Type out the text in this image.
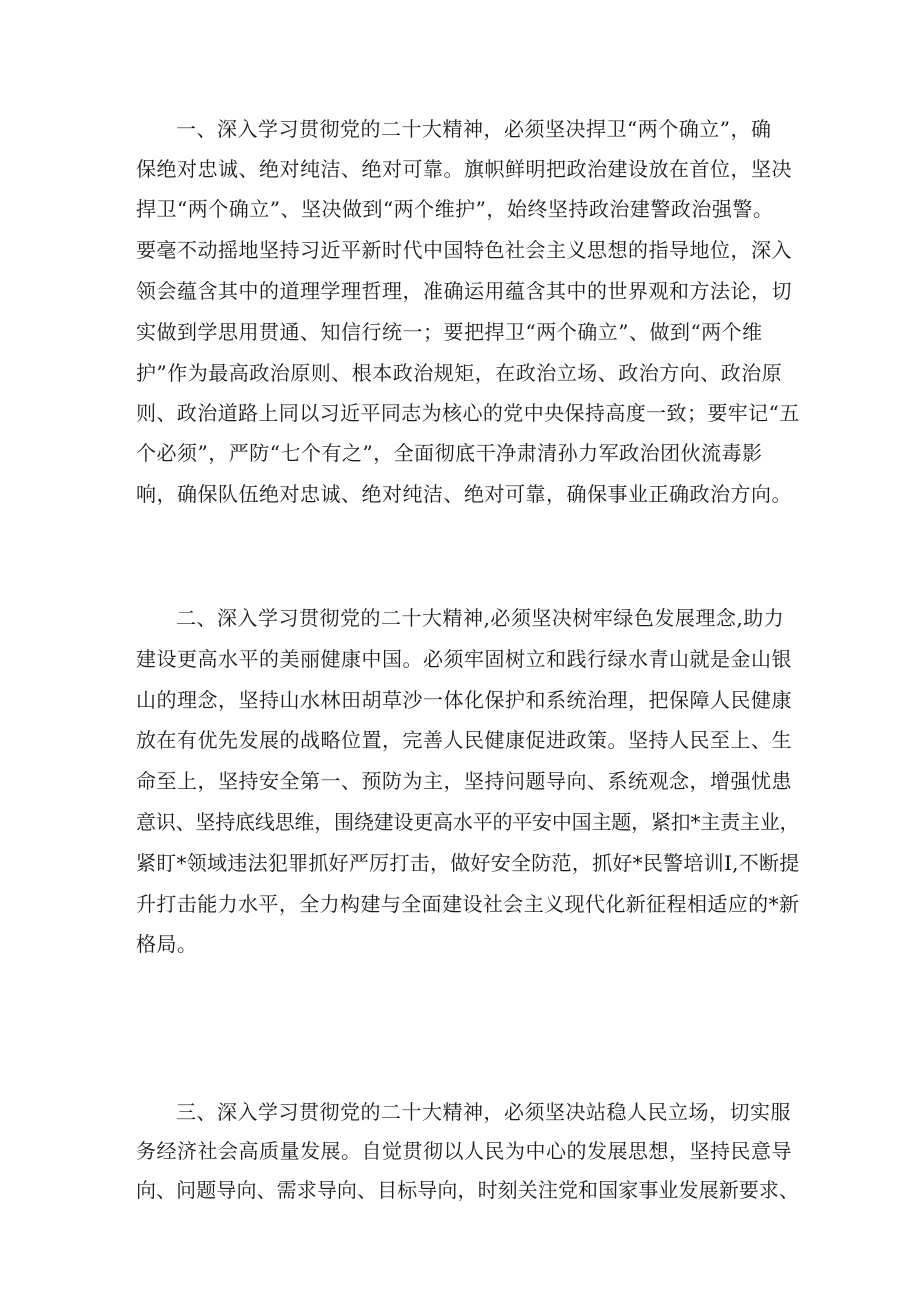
一、深入学习贯彻党的二十大精神，必须坚决捍卫“两个确立”，确
保绝对忠诚、绝对纯洁、绝对可靠。旗帜鲜明把政治建设放在首位，坚决
捍卫“两个确立”、坚决做到“两个维护”，始终坚持政治建警政治强警。
要毫不动摇地坚持习近平新时代中国特色社会主义思想的指导地位，深入
领会蕴含其中的道理学理哲理，准确运用蕴含其中的世界观和方法论，切
实做到学思用贯通、知信行统一；要把捍卫“两个确立”、做到“两个维
护”作为最高政治原则、根本政治规矩，在政治立场、政治方向、政治原
则、政治道路上同以习近平同志为核心的党中央保持高度一致；要牢记“五
个必须”，严防“七个有之”，全面彻底干净肃清孙力军政治团伙流毒影
响，确保队伍绝对忠诚、绝对纯洁、绝对可靠，确保事业正确政治方向。
二、深入学习贯彻党的二十大精神,必须坚决树牢绿色发展理念,助力
建设更高水平的美丽健康中国。必须牢固树立和践行绿水青山就是金山银
山的理念，坚持山水林田胡草沙一体化保护和系统治理，把保障人民健康
放在有优先发展的战略位置，完善人民健康促进政策。坚持人民至上、生
命至上，坚持安全第一、预防为主，坚持问题导向、系统观念，增强忧患
意识、坚持底线思维，围绕建设更高水平的平安中国主题，紧扣*主责主业，
紧盯*领域违法犯罪抓好严厉打击，做好安全防范，抓好*民警培训Ⅰ,不断提
升打击能力水平，全力构建与全面建设社会主义现代化新征程相适应的*新
格局。
三、深入学习贯彻党的二十大精神，必须坚决站稳人民立场，切实服
务经济社会高质量发展。自觉贯彻以人民为中心的发展思想，坚持民意导
向、问题导向、需求导向、目标导向，时刻关注党和国家事业发展新要求、
